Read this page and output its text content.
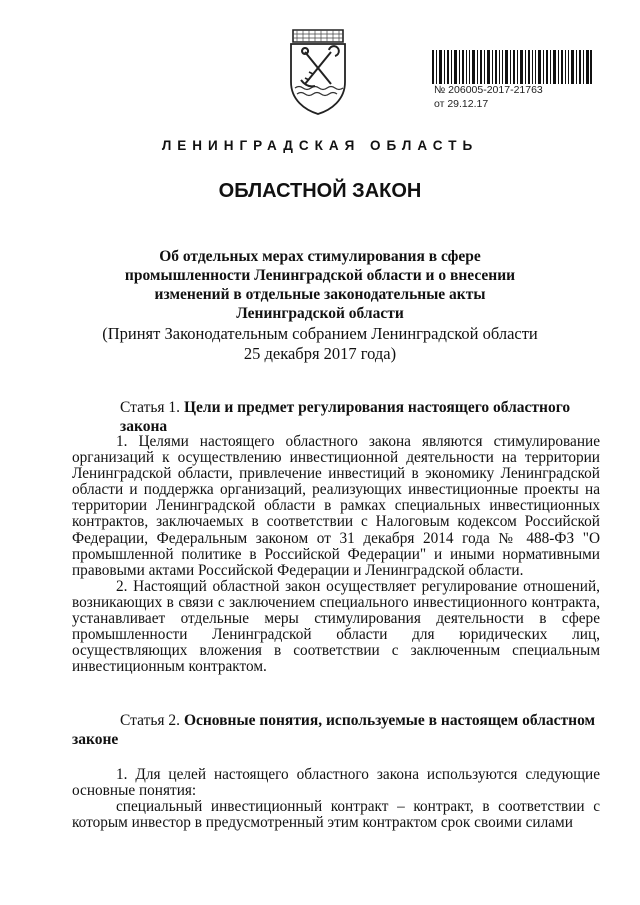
№ 206005-2017-21763
от 29.12.17
ЛЕНИНГРАДСКАЯ ОБЛАСТЬ
ОБЛАСТНОЙ ЗАКОН
Об отдельных мерах стимулирования в сфере промышленности Ленинградской области и о внесении изменений в отдельные законодательные акты Ленинградской области
(Принят Законодательным собранием Ленинградской области
25 декабря 2017 года)
Статья 1. Цели и предмет регулирования настоящего областного закона

1. Целями настоящего областного закона являются стимулирование организаций к осуществлению инвестиционной деятельности на территории Ленинградской области, привлечение инвестиций в экономику Ленинградской области и поддержка организаций, реализующих инвестиционные проекты на территории Ленинградской области в рамках специальных инвестиционных контрактов, заключаемых в соответствии с Налоговым кодексом Российской Федерации, Федеральным законом от 31 декабря 2014 года № 488-ФЗ "О промышленной политике в Российской Федерации" и иными нормативными правовыми актами Российской Федерации и Ленинградской области.

2. Настоящий областной закон осуществляет регулирование отношений, возникающих в связи с заключением специального инвестиционного контракта, устанавливает отдельные меры стимулирования деятельности в сфере промышленности Ленинградской области для юридических лиц, осуществляющих вложения в соответствии с заключенным специальным инвестиционным контрактом.

Статья 2. Основные понятия, используемые в настоящем областном законе

1. Для целей настоящего областного закона используются следующие основные понятия:

специальный инвестиционный контракт – контракт, в соответствии с которым инвестор в предусмотренный этим контрактом срок своими силами
